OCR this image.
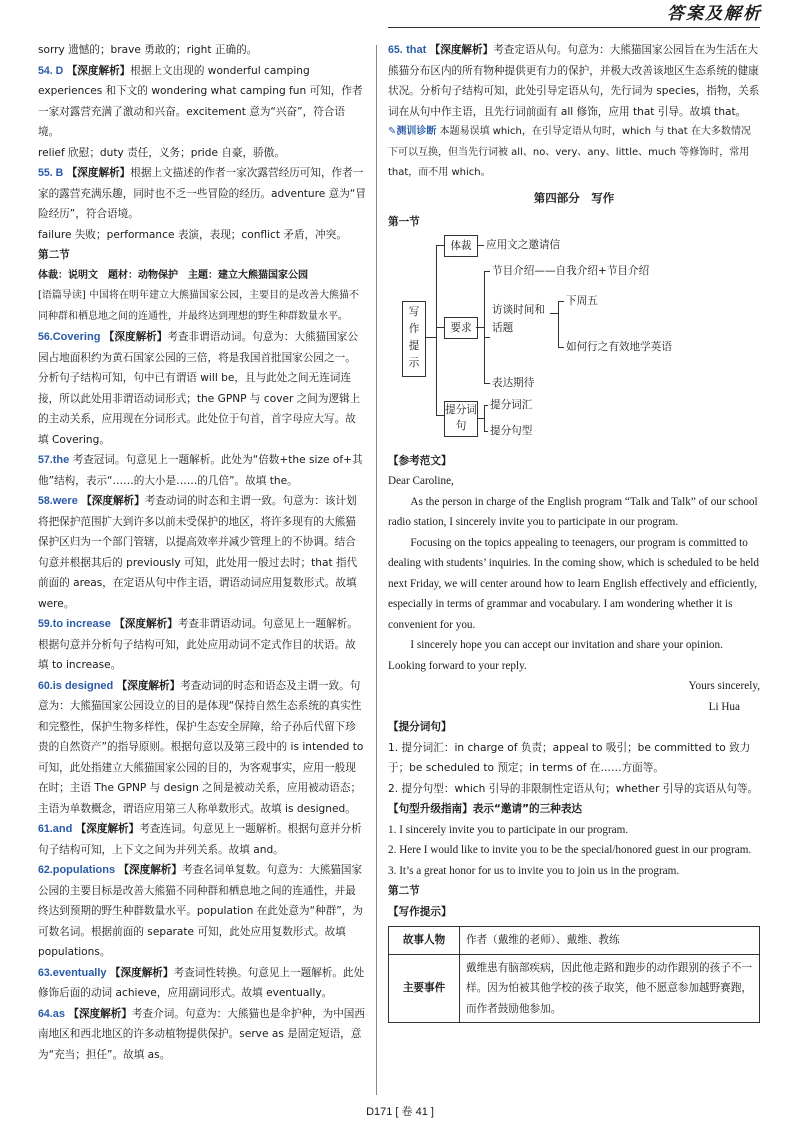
答案及解析

sorry 遗憾的；brave 勇敢的；right 正确的。

54. D 【深度解析】根据上文出现的 wonderful camping experiences 和下文的 wondering what camping fun 可知，作者一家对露营充满了激动和兴奋。excitement 意为“兴奋”，符合语境。

relief 欣慰；duty 责任，义务；pride 自豪，骄傲。

55. B 【深度解析】根据上文描述的作者一家次露营经历可知，作者一家的露营充满乐趣，同时也不乏一些冒险的经历。adventure 意为“冒险经历”，符合语境。

failure 失败；performance 表演，表现；conflict 矛盾，冲突。

第二节

体裁：说明文　题材：动物保护　主题：建立大熊猫国家公园

[语篇导读] 中国将在明年建立大熊猫国家公园，主要目的是改善大熊猫不同种群和栖息地之间的连通性，并最终达到理想的野生种群数量水平。

56.Covering 【深度解析】考查非谓语动词。句意为：大熊猫国家公园占地面积约为黄石国家公园的三倍，将是我国首批国家公园之一。分析句子结构可知，句中已有谓语 will be，且与此处之间无连词连接，所以此处用非谓语动词形式；the GPNP 与 cover 之间为逻辑上的主动关系，应用现在分词形式。此处位于句首，首字母应大写。故填 Covering。

57.the 考查冠词。句意见上一题解析。此处为“倍数+the size of+其他”结构，表示“……的大小是……的几倍”。故填 the。

58.were 【深度解析】考查动词的时态和主谓一致。句意为：该计划将把保护范围扩大到许多以前未受保护的地区，将许多现有的大熊猫保护区归为一个部门管辖，以提高效率并减少管理上的不协调。结合句意并根据其后的 previously 可知，此处用一般过去时；that 指代前面的 areas，在定语从句中作主语，谓语动词应用复数形式。故填 were。

59.to increase 【深度解析】考查非谓语动词。句意见上一题解析。根据句意并分析句子结构可知，此处应用动词不定式作目的状语。故填 to increase。

60.is designed 【深度解析】考查动词的时态和语态及主谓一致。句意为：大熊猫国家公园设立的目的是体现“保持自然生态系统的真实性和完整性，保护生物多样性，保护生态安全屏障，给子孙后代留下珍贵的自然资产”的指导原则。根据句意以及第三段中的 is intended to 可知，此处指建立大熊猫国家公园的目的，为客观事实，应用一般现在时；主语 The GPNP 与 design 之间是被动关系，应用被动语态；主语为单数概念，谓语应用第三人称单数形式。故填 is designed。

61.and 【深度解析】考查连词。句意见上一题解析。根据句意并分析句子结构可知，上下文之间为并列关系。故填 and。

62.populations 【深度解析】考查名词单复数。句意为：大熊猫国家公园的主要目标是改善大熊猫不同种群和栖息地之间的连通性，并最终达到预期的野生种群数量水平。population 在此处意为“种群”，为可数名词。根据前面的 separate 可知，此处应用复数形式。故填 populations。

63.eventually 【深度解析】考查词性转换。句意见上一题解析。此处修饰后面的动词 achieve，应用副词形式。故填 eventually。

64.as 【深度解析】考查介词。句意为：大熊猫也是伞护种，为中国西南地区和西北地区的许多动植物提供保护。serve as 是固定短语，意为“充当；担任”。故填 as。

65. that 【深度解析】考查定语从句。句意为：大熊猫国家公园旨在为生活在大熊猫分布区内的所有物种提供更有力的保护，并极大改善该地区生态系统的健康状况。分析句子结构可知，此处引导定语从句，先行词为 species，指物，关系词在从句中作主语，且先行词前面有 all 修饰，应用 that 引导。故填 that。

✎测训诊断 本题易误填 which，在引导定语从句时，which 与 that 在大多数情况下可以互换，但当先行词被 all、no、very、any、little、much 等修饰时，常用 that，而不用 which。

第四部分　写作

第一节

写作提示
体裁	应用文之邀请信
要求
节目介绍——自我介绍+节目介绍
访谈时间和话题
下周五
如何行之有效地学英语
表达期待
提分词句
提分词汇
提分句型

【参考范文】

Dear Caroline,

As the person in charge of the English program “Talk and Talk” of our school radio station, I sincerely invite you to participate in our program.

Focusing on the topics appealing to teenagers, our program is committed to dealing with students’ inquiries. In the coming show, which is scheduled to be held next Friday, we will center around how to learn English effectively and efficiently, especially in terms of grammar and vocabulary. I am wondering whether it is convenient for you.

I sincerely hope you can accept our invitation and share your opinion. Looking forward to your reply.

Yours sincerely,

Li Hua

【提分词句】

1. 提分词汇：in charge of 负责；appeal to 吸引；be committed to 致力于；be scheduled to 预定；in terms of 在……方面等。

2. 提分句型：which 引导的非限制性定语从句；whether 引导的宾语从句等。

【句型升级指南】表示“邀请”的三种表达

1. I sincerely invite you to participate in our program.

2. Here I would like to invite you to be the special/honored guest in our program.

3. It’s a great honor for us to invite you to join us in the program.

第二节

【写作提示】

故事人物	作者（戴维的老师）、戴维、教练
主要事件	戴维患有脑部疾病，因此他走路和跑步的动作跟别的孩子不一样。因为怕被其他学校的孩子取笑，他不愿意参加越野赛跑，而作者鼓励他参加。
D171 [ 卷 41 ]
